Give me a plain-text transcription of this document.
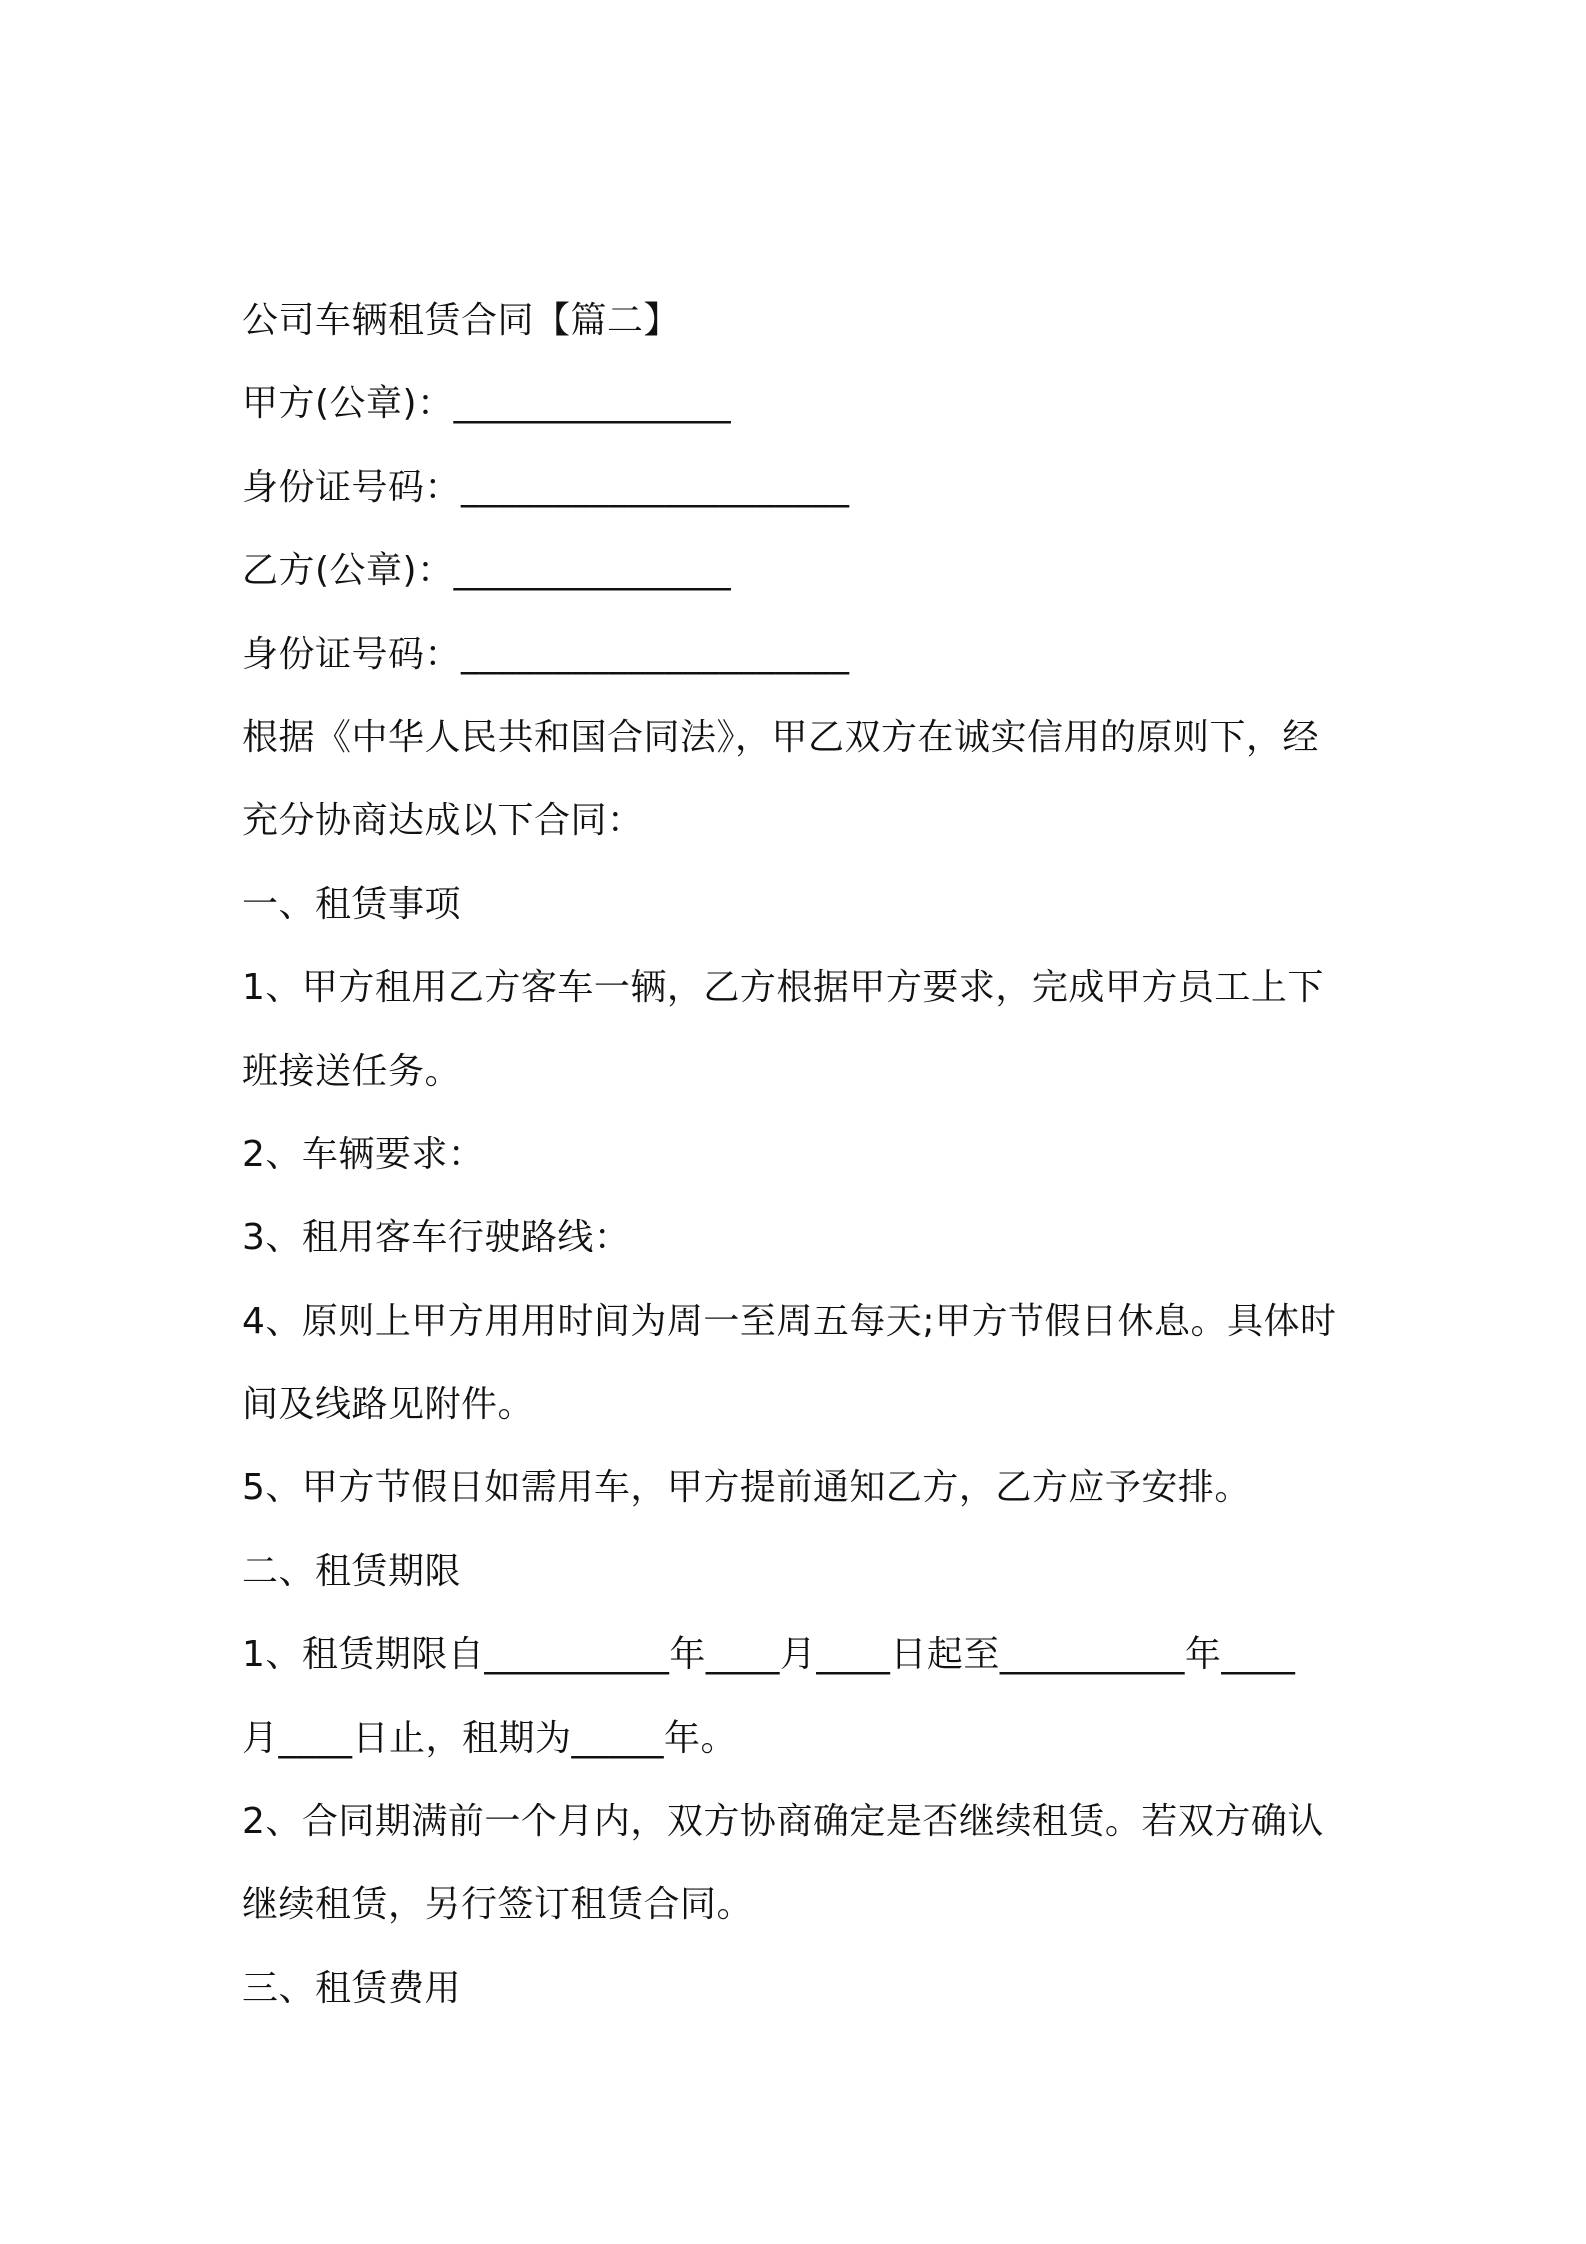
公司车辆租赁合同【篇二】
甲方(公章)：_______________
身份证号码：_____________________
乙方(公章)：_______________
身份证号码：_____________________
根据《中华人民共和国合同法》，甲乙双方在诚实信用的原则下，经
充分协商达成以下合同：
一、租赁事项
1、甲方租用乙方客车一辆，乙方根据甲方要求，完成甲方员工上下
班接送任务。
2、车辆要求：
3、租用客车行驶路线：
4、原则上甲方用用时间为周一至周五每天;甲方节假日休息。具体时
间及线路见附件。
5、甲方节假日如需用车，甲方提前通知乙方，乙方应予安排。
二、租赁期限
1、租赁期限自__________年____月____日起至__________年____
月____日止，租期为_____年。
2、合同期满前一个月内，双方协商确定是否继续租赁。若双方确认
继续租赁，另行签订租赁合同。
三、租赁费用
